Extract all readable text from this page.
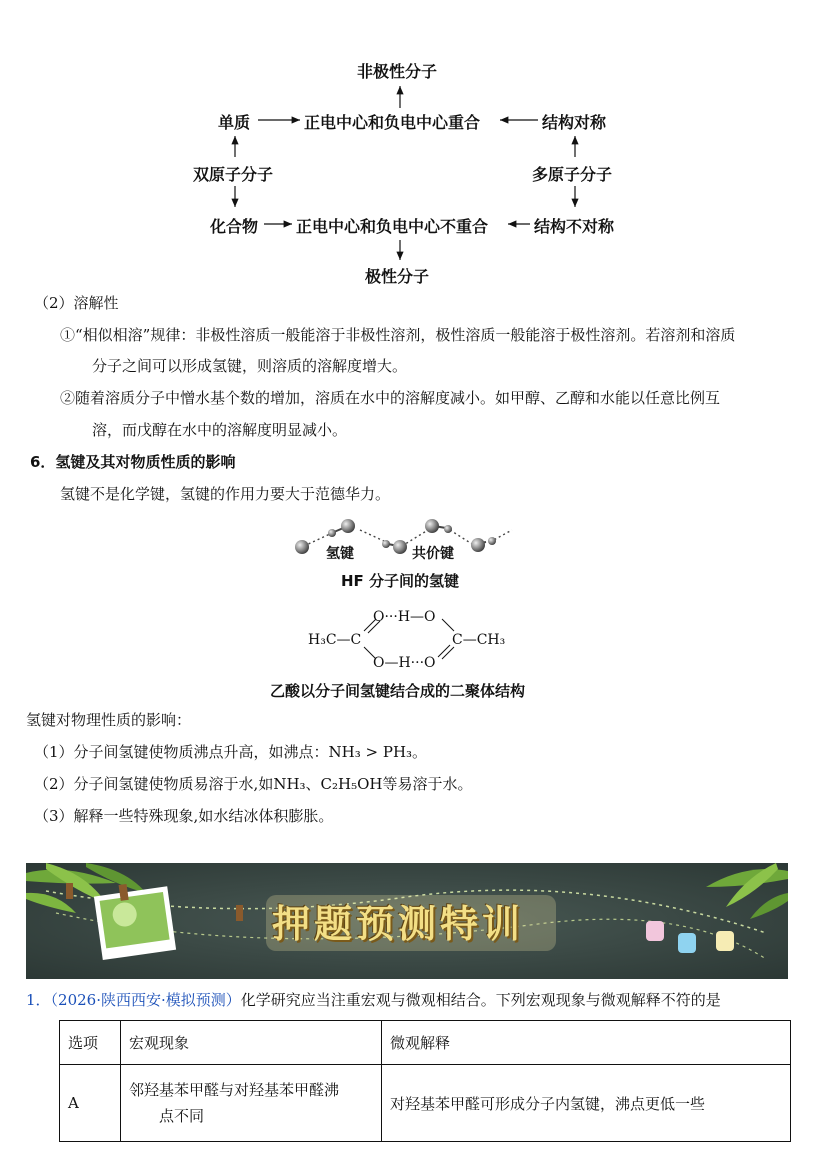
非极性分子
单质	正电中心和负电中心重合	结构对称
双原子分子	多原子分子
化合物 正电中心和负电中心不重合	结构不对称
极性分子
（2）溶解性
①“相似相溶”规律：非极性溶质一般能溶于非极性溶剂，极性溶质一般能溶于极性溶剂。若溶剂和溶质
分子之间可以形成氢键，则溶质的溶解度增大。
②随着溶质分子中憎水基个数的增加，溶质在水中的溶解度减小。如甲醇、乙醇和水能以任意比例互
溶，而戊醇在水中的溶解度明显减小。
6．氢键及其对物质性质的影响
氢键不是化学键，氢键的作用力要大于范德华力。
氢键	共价键
HF 分子间的氢键
O···H—O
H₃C—C	C—CH₃
O—H···O
乙酸以分子间氢键结合成的二聚体结构
氢键对物理性质的影响：
（1）分子间氢键使物质沸点升高，如沸点：NH₃ > PH₃。
（2）分子间氢键使物质易溶于水,如NH₃、C₂H₅OH等易溶于水。
（3）解释一些特殊现象,如水结冰体积膨胀。
押题预测特训
1．（2026·陕西西安·模拟预测）化学研究应当注重宏观与微观相结合。下列宏观现象与微观解释不符的是
选项	宏观现象	微观解释
A	邻羟基苯甲醛与对羟基苯甲醛沸
点不同	对羟基苯甲醛可形成分子内氢键，沸点更低一些
